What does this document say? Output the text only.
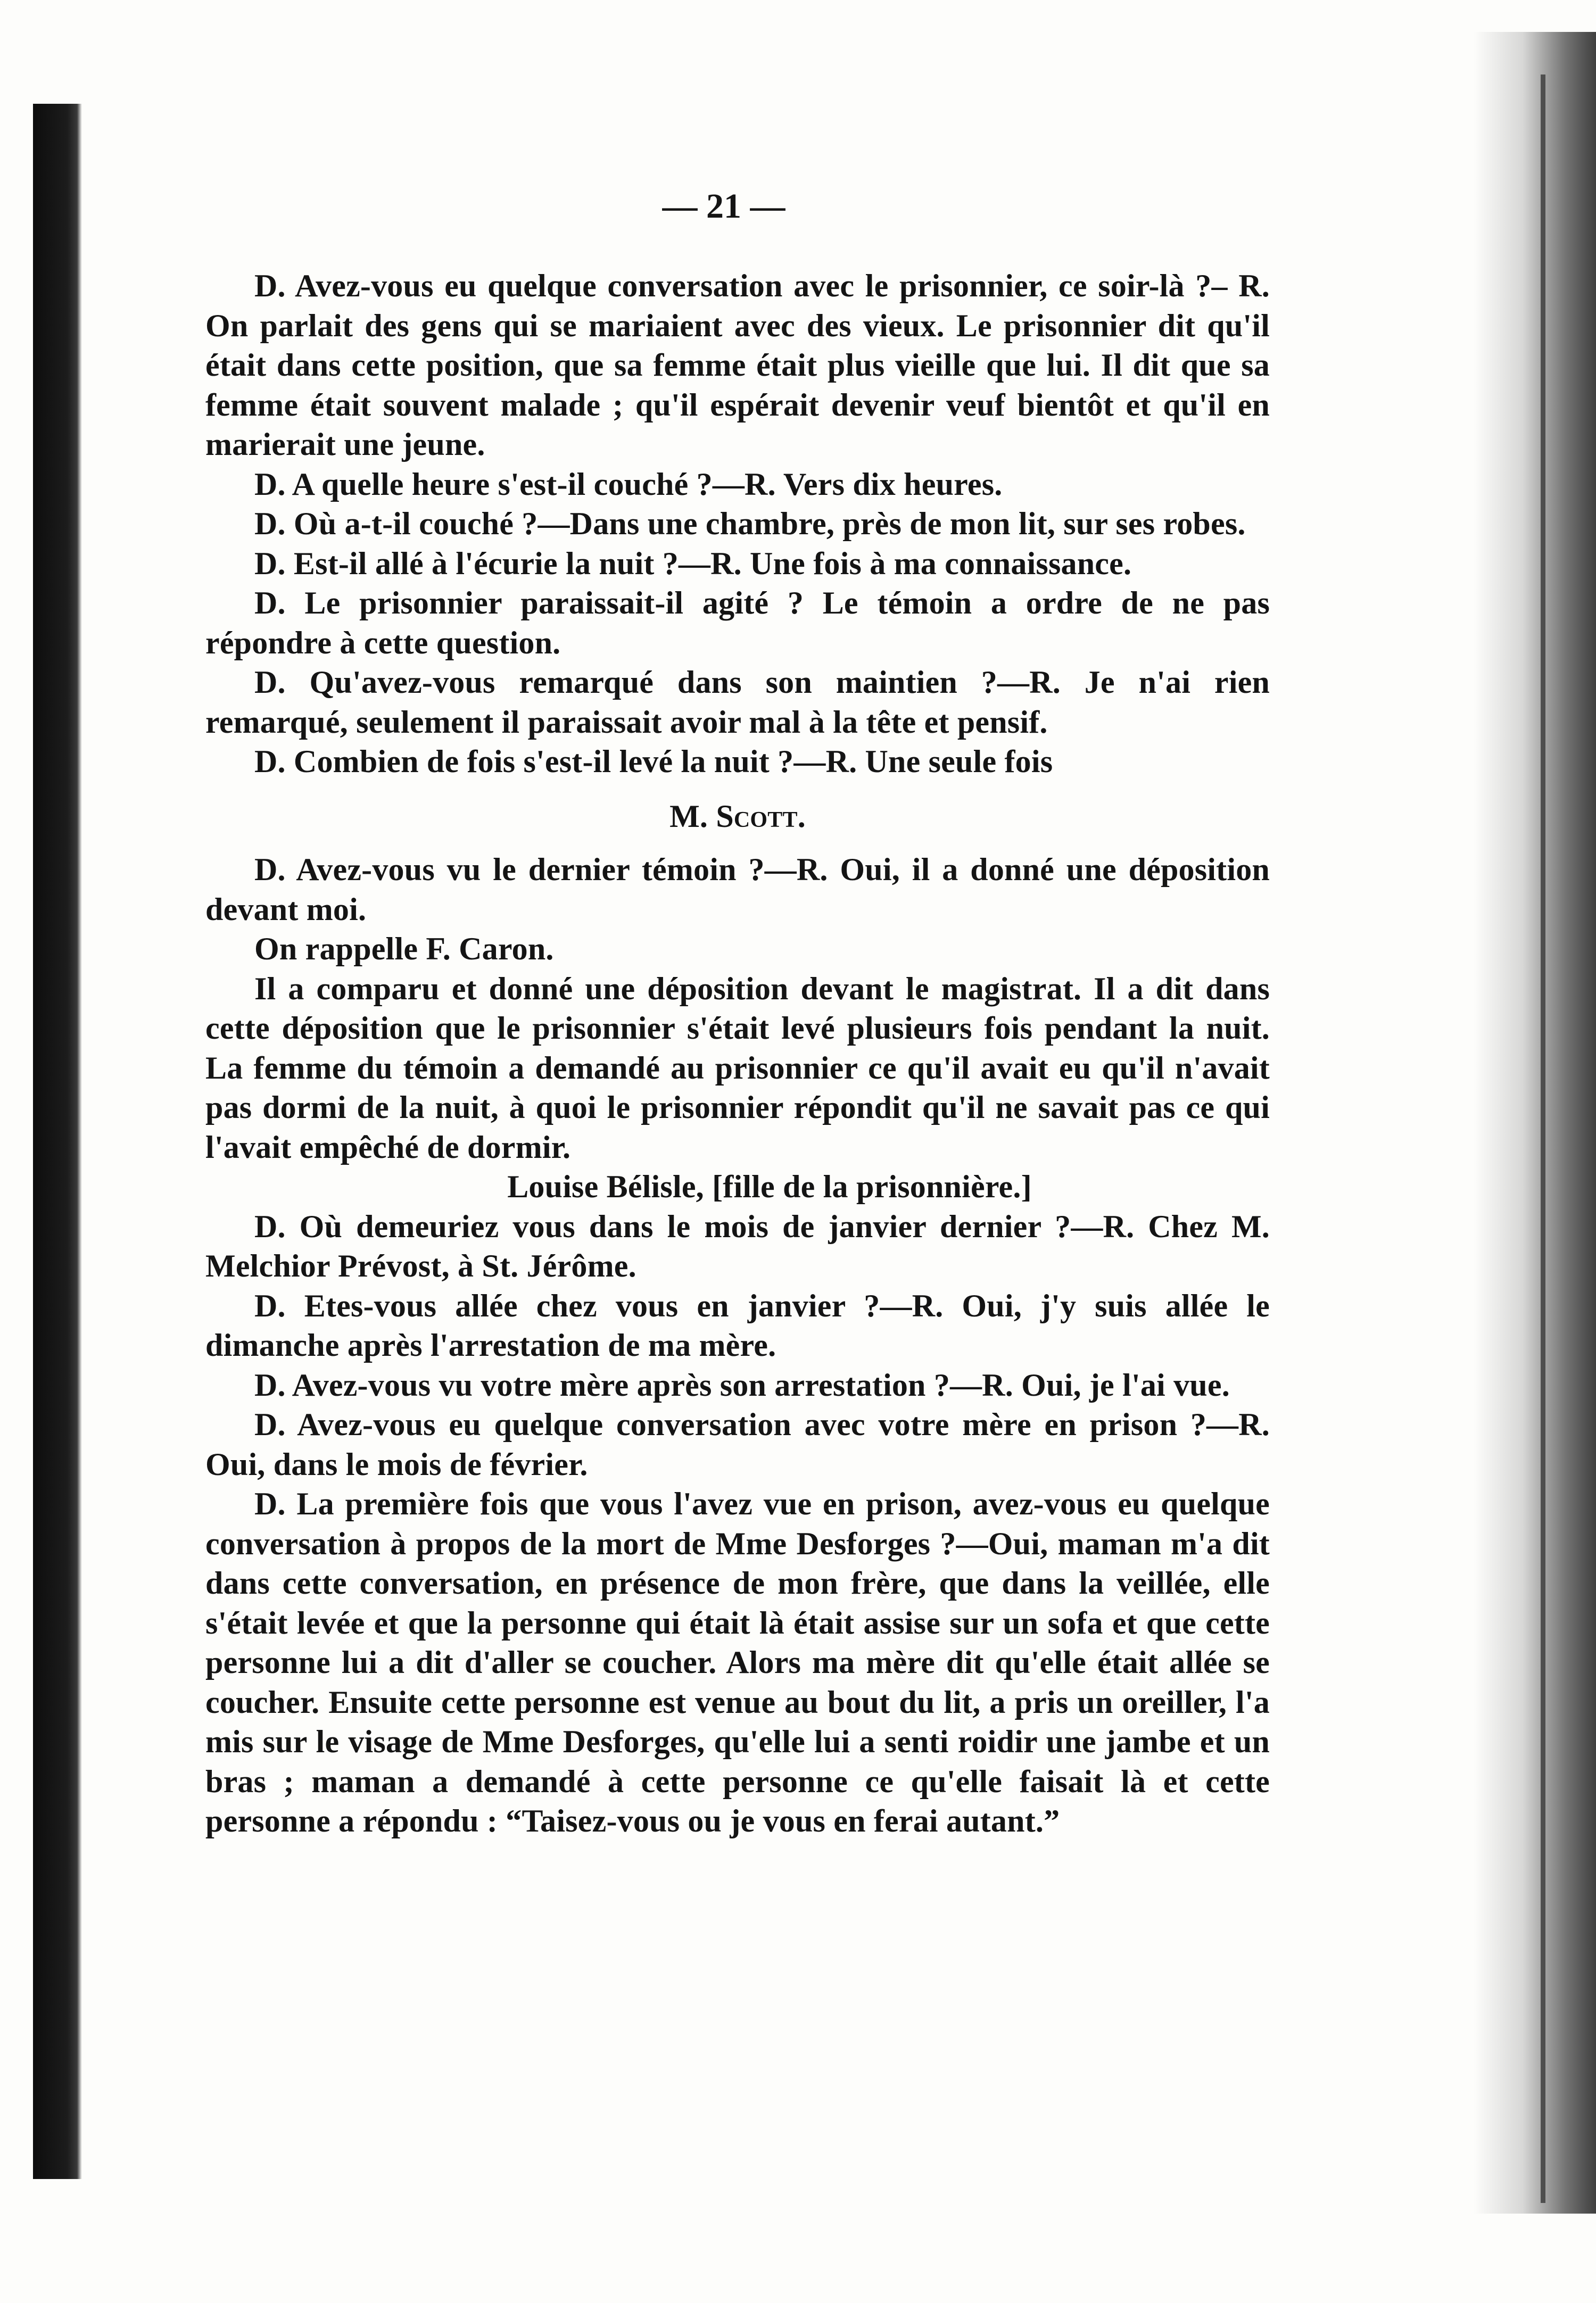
— 21 —

D. Avez-vous eu quelque conversation avec le prisonnier, ce soir-là ?– R. On parlait des gens qui se mariaient avec des vieux. Le prisonnier dit qu'il était dans cette position, que sa femme était plus vieille que lui. Il dit que sa femme était souvent malade ; qu'il espérait devenir veuf bientôt et qu'il en marierait une jeune.

D. A quelle heure s'est-il couché ?—R. Vers dix heures.

D. Où a-t-il couché ?—Dans une chambre, près de mon lit, sur ses robes.

D. Est-il allé à l'écurie la nuit ?—R. Une fois à ma connaissance.

D. Le prisonnier paraissait-il agité ? Le témoin a ordre de ne pas répondre à cette question.

D. Qu'avez-vous remarqué dans son maintien ?—R. Je n'ai rien remarqué, seulement il paraissait avoir mal à la tête et pensif.

D. Combien de fois s'est-il levé la nuit ?—R. Une seule fois

M. Scott.

D. Avez-vous vu le dernier témoin ?—R. Oui, il a donné une déposition devant moi.

On rappelle F. Caron.

Il a comparu et donné une déposition devant le magistrat. Il a dit dans cette déposition que le prisonnier s'était levé plusieurs fois pendant la nuit. La femme du témoin a demandé au prisonnier ce qu'il avait eu qu'il n'avait pas dormi de la nuit, à quoi le prisonnier répondit qu'il ne savait pas ce qui l'avait empêché de dormir.

Louise Bélisle, [fille de la prisonnière.]

D. Où demeuriez vous dans le mois de janvier dernier ?—R. Chez M. Melchior Prévost, à St. Jérôme.

D. Etes-vous allée chez vous en janvier ?—R. Oui, j'y suis allée le dimanche après l'arrestation de ma mère.

D. Avez-vous vu votre mère après son arrestation ?—R. Oui, je l'ai vue.

D. Avez-vous eu quelque conversation avec votre mère en prison ?—R. Oui, dans le mois de février.

D. La première fois que vous l'avez vue en prison, avez-vous eu quelque conversation à propos de la mort de Mme Desforges ?—Oui, maman m'a dit dans cette conversation, en présence de mon frère, que dans la veillée, elle s'était levée et que la personne qui était là était assise sur un sofa et que cette personne lui a dit d'aller se coucher. Alors ma mère dit qu'elle était allée se coucher. Ensuite cette personne est venue au bout du lit, a pris un oreiller, l'a mis sur le visage de Mme Desforges, qu'elle lui a senti roidir une jambe et un bras ; maman a demandé à cette personne ce qu'elle faisait là et cette personne a répondu : “Taisez-vous ou je vous en ferai autant.”
